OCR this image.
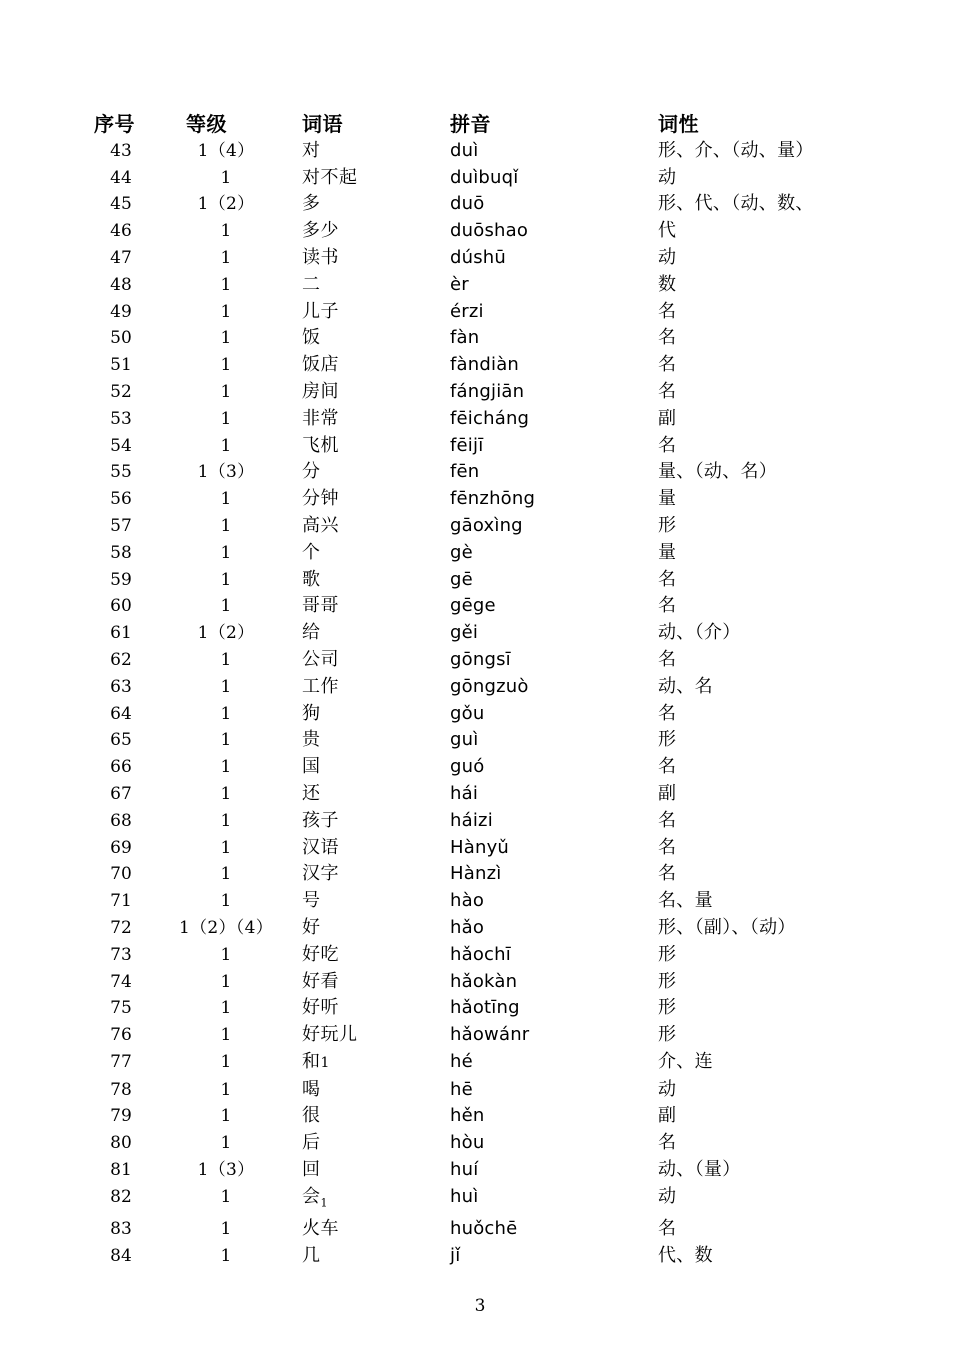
序号	等级	词语	拼音	词性
43	1（4）	对	duì	形、介、（动、量）
44	1	对不起	duìbuqǐ	动
45	1（2）	多	duō	形、代、（动、数、
46	1	多少	duōshao	代
47	1	读书	dúshū	动
48	1	二	èr	数
49	1	儿子	érzi	名
50	1	饭	fàn	名
51	1	饭店	fàndiàn	名
52	1	房间	fángjiān	名
53	1	非常	fēicháng	副
54	1	飞机	fēijī	名
55	1（3）	分	fēn	量、（动、名）
56	1	分钟	fēnzhōng	量
57	1	高兴	gāoxìng	形
58	1	个	gè	量
59	1	歌	gē	名
60	1	哥哥	gēge	名
61	1（2）	给	gěi	动、（介）
62	1	公司	gōngsī	名
63	1	工作	gōngzuò	动、名
64	1	狗	gǒu	名
65	1	贵	guì	形
66	1	国	guó	名
67	1	还	hái	副
68	1	孩子	háizi	名
69	1	汉语	Hànyǔ	名
70	1	汉字	Hànzì	名
71	1	号	hào	名、量
72	1（2）（4）	好	hǎo	形、（副）、（动）
73	1	好吃	hǎochī	形
74	1	好看	hǎokàn	形
75	1	好听	hǎotīng	形
76	1	好玩儿	hǎowánr	形
77	1	和1	hé	介、连
78	1	喝	hē	动
79	1	很	hěn	副
80	1	后	hòu	名
81	1（3）	回	huí	动、（量）
82	1	会$_1$	huì	动
83	1	火车	huǒchē	名
84	1	几	jǐ	代、数
3
